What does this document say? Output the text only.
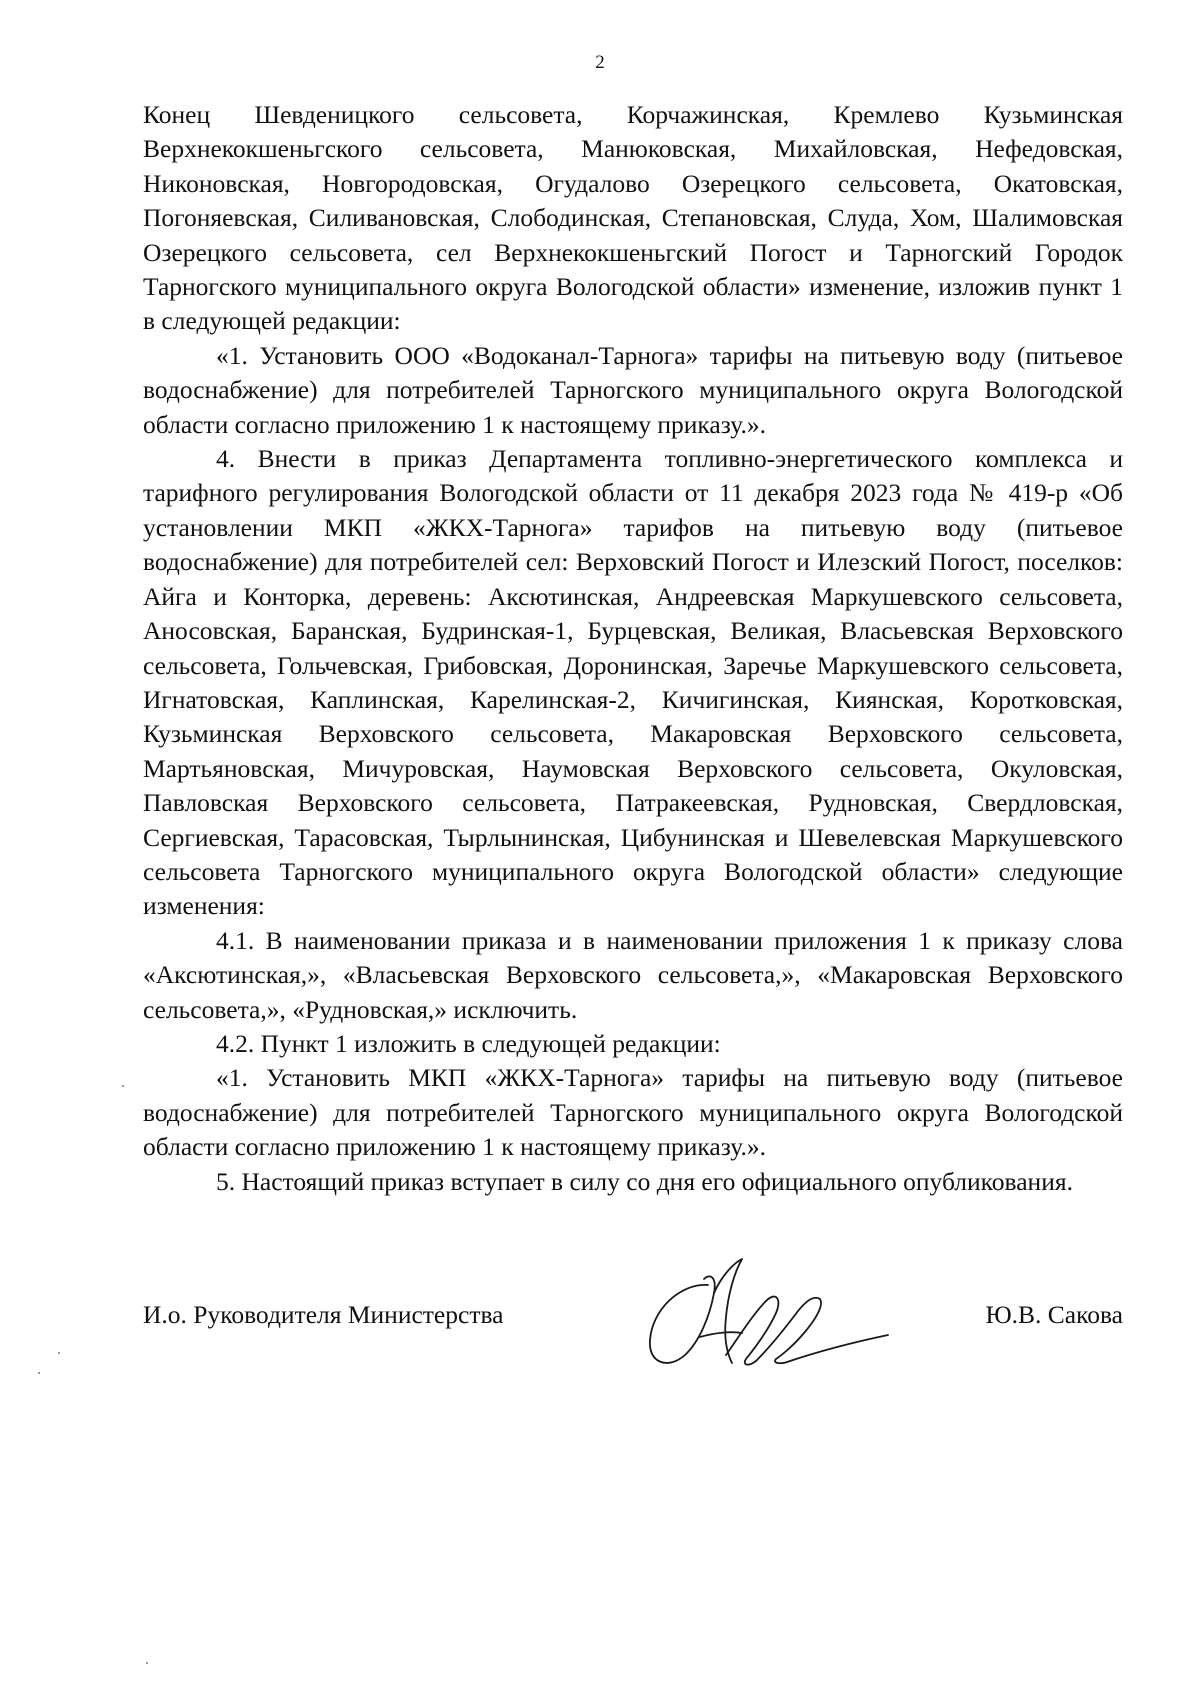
2

Конец Шевденицкого сельсовета, Корчажинская, Кремлево Кузьминская Верхнекокшеньгского сельсовета, Манюковская, Михайловская, Нефедовская, Никоновская, Новгородовская, Огудалово Озерецкого сельсовета, Окатовская, Погоняевская, Силивановская, Слободинская, Степановская, Слуда, Хом, Шалимовская Озерецкого сельсовета, сел Верхнекокшеньгский Погост и Тарногский Городок Тарногского муниципального округа Вологодской области» изменение, изложив пункт 1 в следующей редакции:

«1. Установить ООО «Водоканал-Тарнога» тарифы на питьевую воду (питьевое водоснабжение) для потребителей Тарногского муниципального округа Вологодской области согласно приложению 1 к настоящему приказу.».

4. Внести в приказ Департамента топливно-энергетического комплекса и тарифного регулирования Вологодской области от 11 декабря 2023 года № 419-р «Об установлении МКП «ЖКХ-Тарнога» тарифов на питьевую воду (питьевое водоснабжение) для потребителей сел: Верховский Погост и Илезский Погост, поселков: Айга и Конторка, деревень: Аксютинская, Андреевская Маркушевского сельсовета, Аносовская, Баранская, Будринская-1, Бурцевская, Великая, Власьевская Верховского сельсовета, Гольчевская, Грибовская, Доронинская, Заречье Маркушевского сельсовета, Игнатовская, Каплинская, Карелинская-2, Кичигинская, Киянская, Коротковская, Кузьминская Верховского сельсовета, Макаровская Верховского сельсовета, Мартьяновская, Мичуровская, Наумовская Верховского сельсовета, Окуловская, Павловская Верховского сельсовета, Патракеевская, Рудновская, Свердловская, Сергиевская, Тарасовская, Тырлынинская, Цибунинская и Шевелевская Маркушевского сельсовета Тарногского муниципального округа Вологодской области» следующие изменения:

4.1. В наименовании приказа и в наименовании приложения 1 к приказу слова «Аксютинская,», «Власьевская Верховского сельсовета,», «Макаровская Верховского сельсовета,», «Рудновская,» исключить.

4.2. Пункт 1 изложить в следующей редакции:

«1. Установить МКП «ЖКХ-Тарнога» тарифы на питьевую воду (питьевое водоснабжение) для потребителей Тарногского муниципального округа Вологодской области согласно приложению 1 к настоящему приказу.».

5. Настоящий приказ вступает в силу со дня его официального опубликования.

И.о. Руководителя Министерства	Ю.В. Сакова
